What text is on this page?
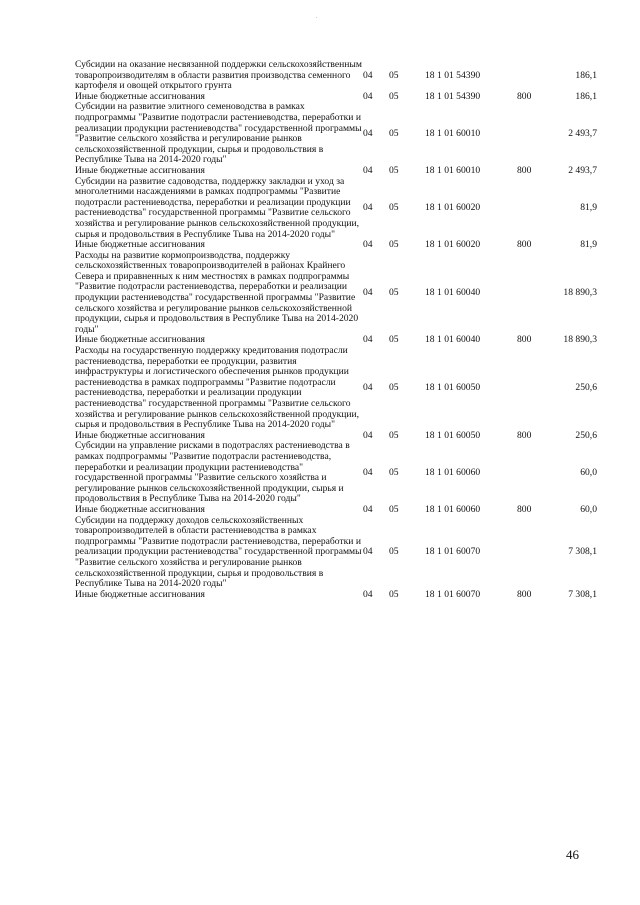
.
Субсидии на оказание несвязанной поддержки сельскохозяйственным товаропроизводителям в области развития производства семенного картофеля и овощей открытого грунта	04	05	18 1 01 54390		186,1
Иные бюджетные ассигнования	04	05	18 1 01 54390	800	186,1
Субсидии на развитие элитного семеноводства в рамках подпрограммы "Развитие подотрасли растениеводства, переработки и реализации продукции растениеводства" государственной программы "Развитие сельского хозяйства и регулирование рынков сельскохозяйственной продукции, сырья и продовольствия в Республике Тыва на 2014-2020 годы"	04	05	18 1 01 60010		2 493,7
Иные бюджетные ассигнования	04	05	18 1 01 60010	800	2 493,7
Субсидии на развитие садоводства, поддержку закладки и уход за многолетними насаждениями в рамках подпрограммы "Развитие подотрасли растениеводства, переработки и реализации продукции растениеводства" государственной программы "Развитие сельского хозяйства и регулирование рынков сельскохозяйственной продукции, сырья и продовольствия в Республике Тыва на 2014-2020 годы"	04	05	18 1 01 60020		81,9
Иные бюджетные ассигнования	04	05	18 1 01 60020	800	81,9
Расходы на развитие кормопроизводства, поддержку сельскохозяйственных товаропроизводителей в районах Крайнего Севера и приравненных к ним местностях в рамках подпрограммы "Развитие подотрасли растениеводства, переработки и реализации продукции растениеводства" государственной программы "Развитие сельского хозяйства и регулирование рынков сельскохозяйственной продукции, сырья и продовольствия в Республике Тыва на 2014-2020 годы"	04	05	18 1 01 60040		18 890,3
Иные бюджетные ассигнования	04	05	18 1 01 60040	800	18 890,3
Расходы на государственную поддержку кредитования подотрасли растениеводства, переработки ее продукции, развития инфраструктуры и логистического обеспечения рынков продукции растениеводства в рамках подпрограммы "Развитие подотрасли растениеводства, переработки и реализации продукции растениеводства" государственной программы "Развитие сельского хозяйства и регулирование рынков сельскохозяйственной продукции, сырья и продовольствия в Республике Тыва на 2014-2020 годы"	04	05	18 1 01 60050		250,6
Иные бюджетные ассигнования	04	05	18 1 01 60050	800	250,6
Субсидии на управление рисками в подотраслях растениеводства в рамках подпрограммы "Развитие подотрасли растениеводства, переработки и реализации продукции растениеводства" государственной программы "Развитие сельского хозяйства и регулирование рынков сельскохозяйственной продукции, сырья и продовольствия в Республике Тыва на 2014-2020 годы"	04	05	18 1 01 60060		60,0
Иные бюджетные ассигнования	04	05	18 1 01 60060	800	60,0
Субсидии на поддержку доходов сельскохозяйственных товаропроизводителей в области растениеводства в рамках подпрограммы "Развитие подотрасли растениеводства, переработки и реализации продукции растениеводства" государственной программы "Развитие сельского хозяйства и регулирование рынков сельскохозяйственной продукции, сырья и продовольствия в Республике Тыва на 2014-2020 годы"	04	05	18 1 01 60070		7 308,1
Иные бюджетные ассигнования	04	05	18 1 01 60070	800	7 308,1
46
